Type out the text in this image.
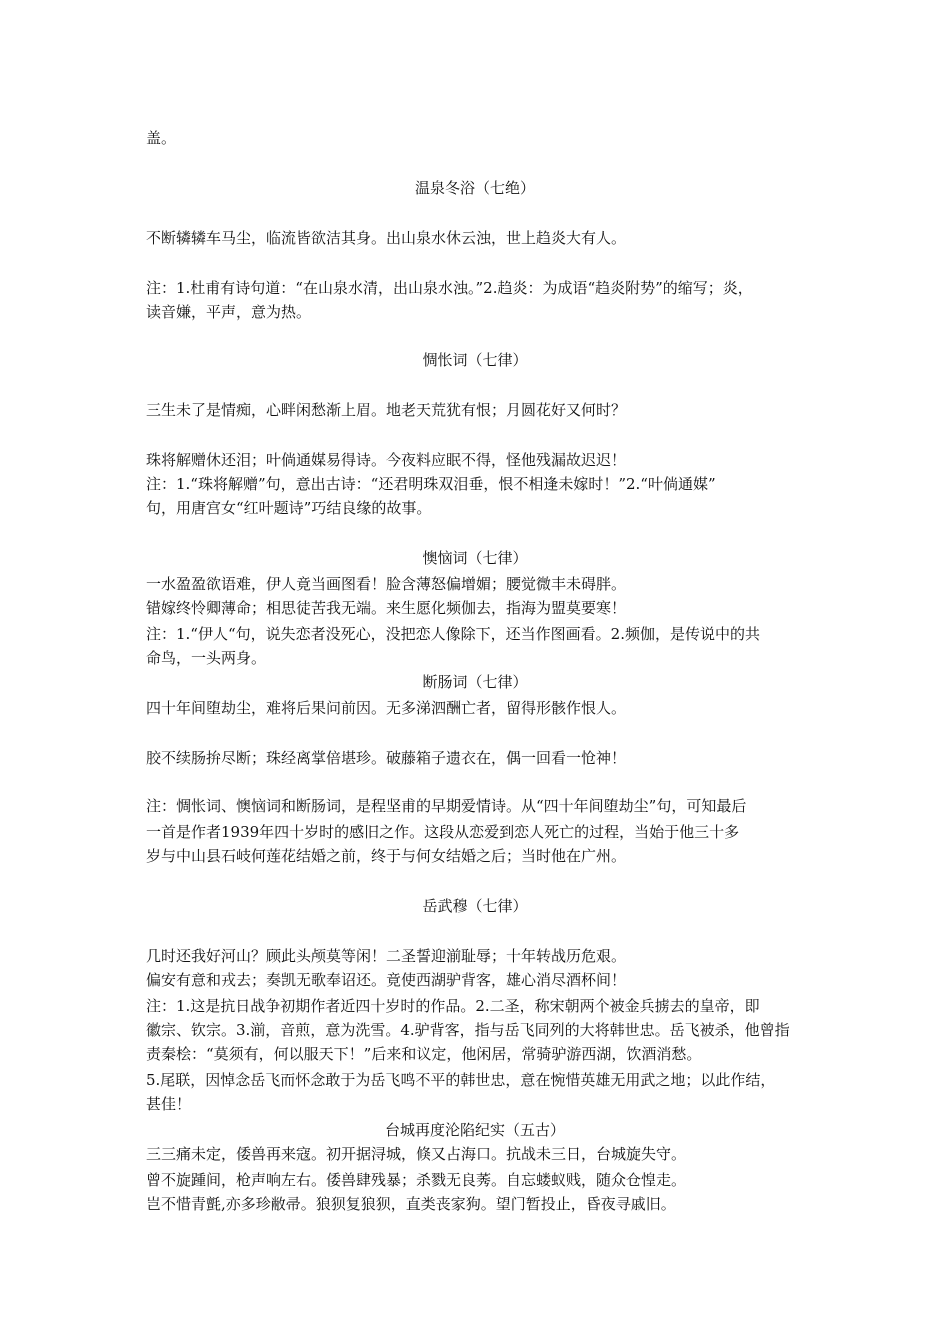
盖。
温泉冬浴（七绝）
不断辚辚车马尘，临流皆欲洁其身。出山泉水休云浊，世上趋炎大有人。
注：1.杜甫有诗句道：“在山泉水清，出山泉水浊。”2.趋炎：为成语“趋炎附势”的缩写；炎，
读音嫌，平声，意为热。
惆怅词（七律）
三生未了是情痴，心畔闲愁渐上眉。地老天荒犹有恨；月圆花好又何时？
珠将解赠休还泪；叶倘通媒易得诗。今夜料应眠不得，怪他残漏故迟迟！
注：1.“珠将解赠”句，意出古诗：“还君明珠双泪垂，恨不相逢未嫁时！”2.“叶倘通媒”
句，用唐宫女“红叶题诗”巧结良缘的故事。
懊恼词（七律）
一水盈盈欲语难，伊人竟当画图看！脸含薄怒偏增媚；腰觉微丰未碍胖。
错嫁终怜卿薄命；相思徒苦我无端。来生愿化频伽去，指海为盟莫要寒！
注：1.“伊人“句，说失恋者没死心，没把恋人像除下，还当作图画看。2.频伽，是传说中的共
命鸟，一头两身。
断肠词（七律）
四十年间堕劫尘，难将后果问前因。无多涕泗酬亡者，留得形骸作恨人。
胶不续肠拚尽断；珠经离掌倍堪珍。破藤箱子遗衣在，偶一回看一怆神！
注：惆怅词、懊恼词和断肠词，是程坚甫的早期爱情诗。从“四十年间堕劫尘”句，可知最后
一首是作者1939年四十岁时的感旧之作。这段从恋爱到恋人死亡的过程，当始于他三十多
岁与中山县石岐何莲花结婚之前，终于与何女结婚之后；当时他在广州。
岳武穆（七律）
几时还我好河山？顾此头颅莫等闲！二圣誓迎湔耻辱；十年转战历危艰。
偏安有意和戎去；奏凯无歌奉诏还。竟使西湖驴背客，雄心消尽酒杯间！
注：1.这是抗日战争初期作者近四十岁时的作品。2.二圣，称宋朝两个被金兵掳去的皇帝，即
徽宗、钦宗。3.湔，音煎，意为洗雪。4.驴背客，指与岳飞同列的大将韩世忠。岳飞被杀，他曾指
责秦桧：“莫须有，何以服天下！”后来和议定，他闲居，常骑驴游西湖，饮酒消愁。
5.尾联，因悼念岳飞而怀念敢于为岳飞鸣不平的韩世忠，意在惋惜英雄无用武之地；以此作结，
甚佳！
台城再度沦陷纪实（五古）
三三痛未定，倭兽再来寇。初开据浔城，倏又占海口。抗战未三日，台城旋失守。
曾不旋踵间，枪声响左右。倭兽肆残暴；杀戮无良莠。自忘蝼蚁贱，随众仓惶走。
岂不惜青氈,亦多珍敝帚。狼狈复狼狈，直类丧家狗。望门暂投止，昏夜寻戚旧。
